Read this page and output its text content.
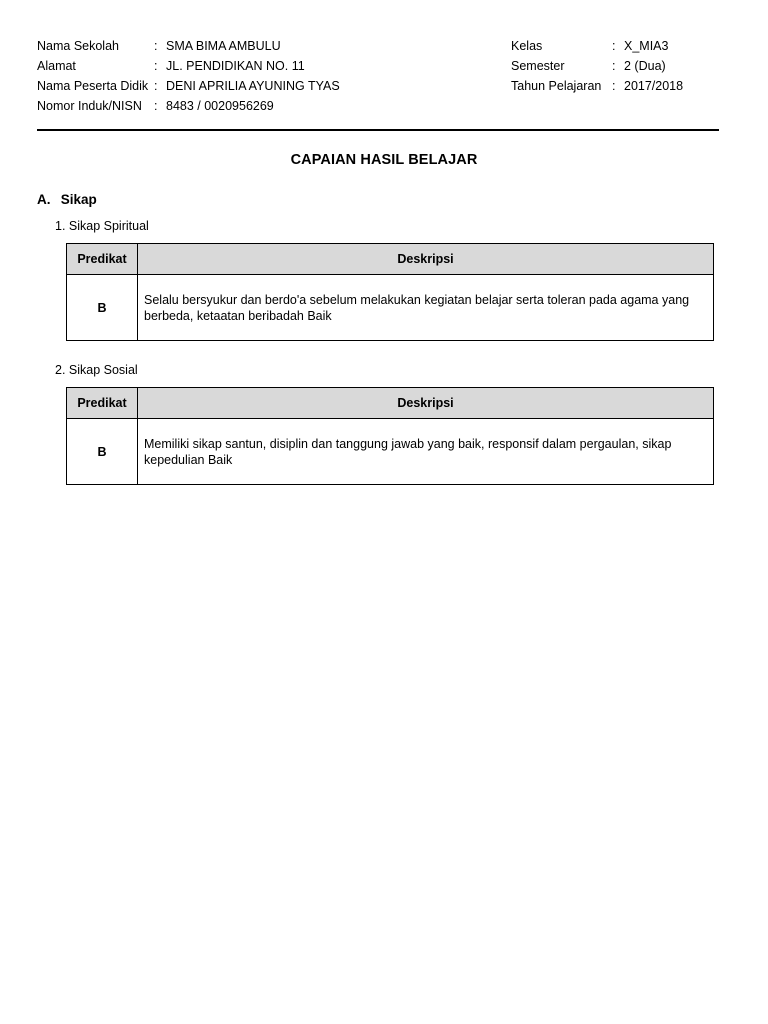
Nama Sekolah	: SMA BIMA AMBULU
Alamat	: JL. PENDIDIKAN NO. 11
Nama Peserta Didik : DENI APRILIA AYUNING TYAS
Nomor Induk/NISN : 8483 / 0020956269
Kelas	: X_MIA3
Semester	: 2 (Dua)
Tahun Pelajaran : 2017/2018
CAPAIAN HASIL BELAJAR
A. Sikap
1. Sikap Spiritual
Predikat	Deskripsi
B	Selalu bersyukur dan berdo'a sebelum melakukan kegiatan belajar serta toleran pada agama yang berbeda, ketaatan beribadah Baik
2. Sikap Sosial
Predikat	Deskripsi
B	Memiliki sikap santun, disiplin dan tanggung jawab yang baik, responsif dalam pergaulan, sikap kepedulian Baik
